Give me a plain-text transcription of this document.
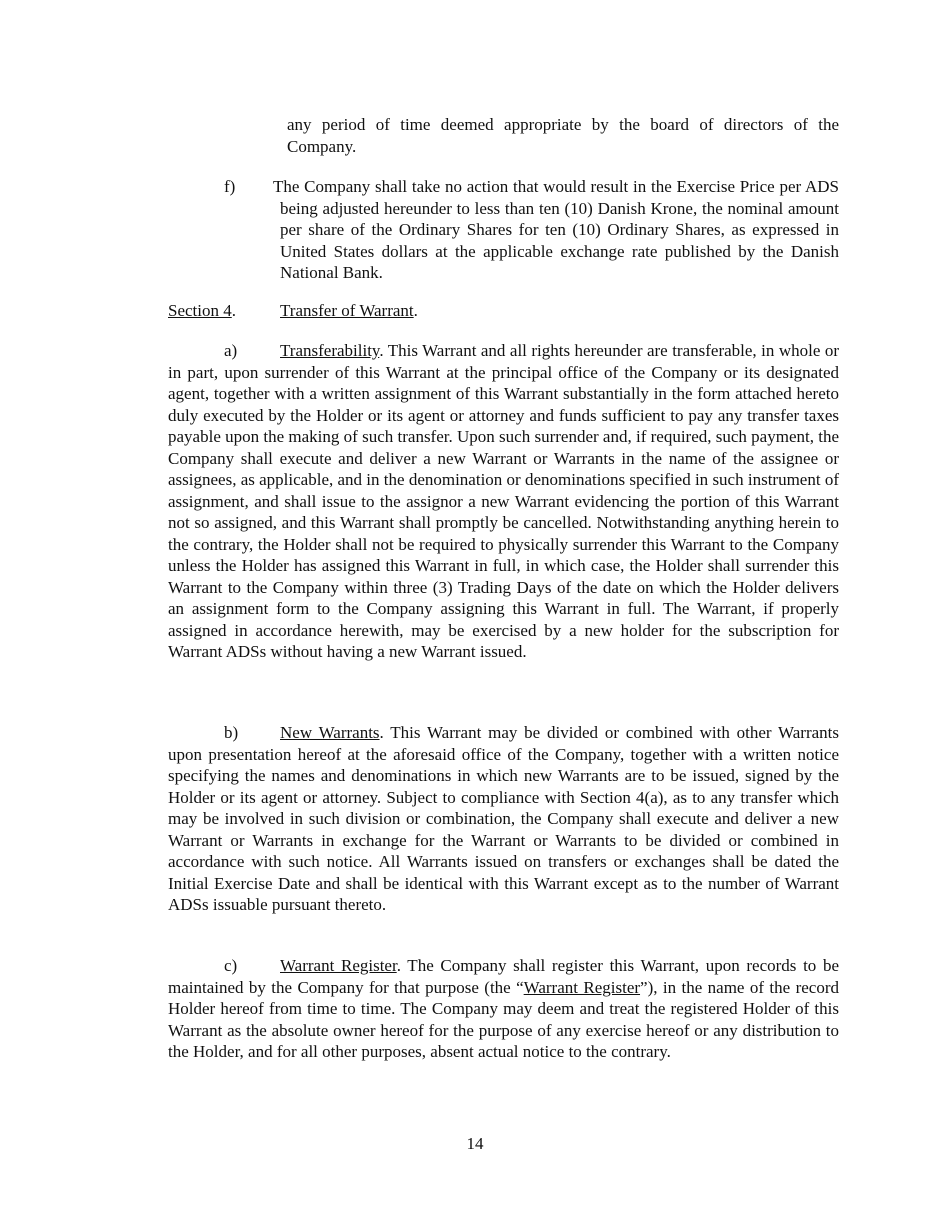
any period of time deemed appropriate by the board of directors of the Company.

f) The Company shall take no action that would result in the Exercise Price per ADS being adjusted hereunder to less than ten (10) Danish Krone, the nominal amount per share of the Ordinary Shares for ten (10) Ordinary Shares, as expressed in United States dollars at the applicable exchange rate published by the Danish National Bank.

Section 4.	Transfer of Warrant.

a)	Transferability. This Warrant and all rights hereunder are transferable, in whole or in part, upon surrender of this Warrant at the principal office of the Company or its designated agent, together with a written assignment of this Warrant substantially in the form attached hereto duly executed by the Holder or its agent or attorney and funds sufficient to pay any transfer taxes payable upon the making of such transfer. Upon such surrender and, if required, such payment, the Company shall execute and deliver a new Warrant or Warrants in the name of the assignee or assignees, as applicable, and in the denomination or denominations specified in such instrument of assignment, and shall issue to the assignor a new Warrant evidencing the portion of this Warrant not so assigned, and this Warrant shall promptly be cancelled. Notwithstanding anything herein to the contrary, the Holder shall not be required to physically surrender this Warrant to the Company unless the Holder has assigned this Warrant in full, in which case, the Holder shall surrender this Warrant to the Company within three (3) Trading Days of the date on which the Holder delivers an assignment form to the Company assigning this Warrant in full. The Warrant, if properly assigned in accordance herewith, may be exercised by a new holder for the subscription for Warrant ADSs without having a new Warrant issued.

b) New Warrants. This Warrant may be divided or combined with other Warrants upon presentation hereof at the aforesaid office of the Company, together with a written notice specifying the names and denominations in which new Warrants are to be issued, signed by the Holder or its agent or attorney. Subject to compliance with Section 4(a), as to any transfer which may be involved in such division or combination, the Company shall execute and deliver a new Warrant or Warrants in exchange for the Warrant or Warrants to be divided or combined in accordance with such notice. All Warrants issued on transfers or exchanges shall be dated the Initial Exercise Date and shall be identical with this Warrant except as to the number of Warrant ADSs issuable pursuant thereto.

c)	Warrant Register. The Company shall register this Warrant, upon records to be maintained by the Company for that purpose (the “Warrant Register”), in the name of the record Holder hereof from time to time. The Company may deem and treat the registered Holder of this Warrant as the absolute owner hereof for the purpose of any exercise hereof or any distribution to the Holder, and for all other purposes, absent actual notice to the contrary.

14
